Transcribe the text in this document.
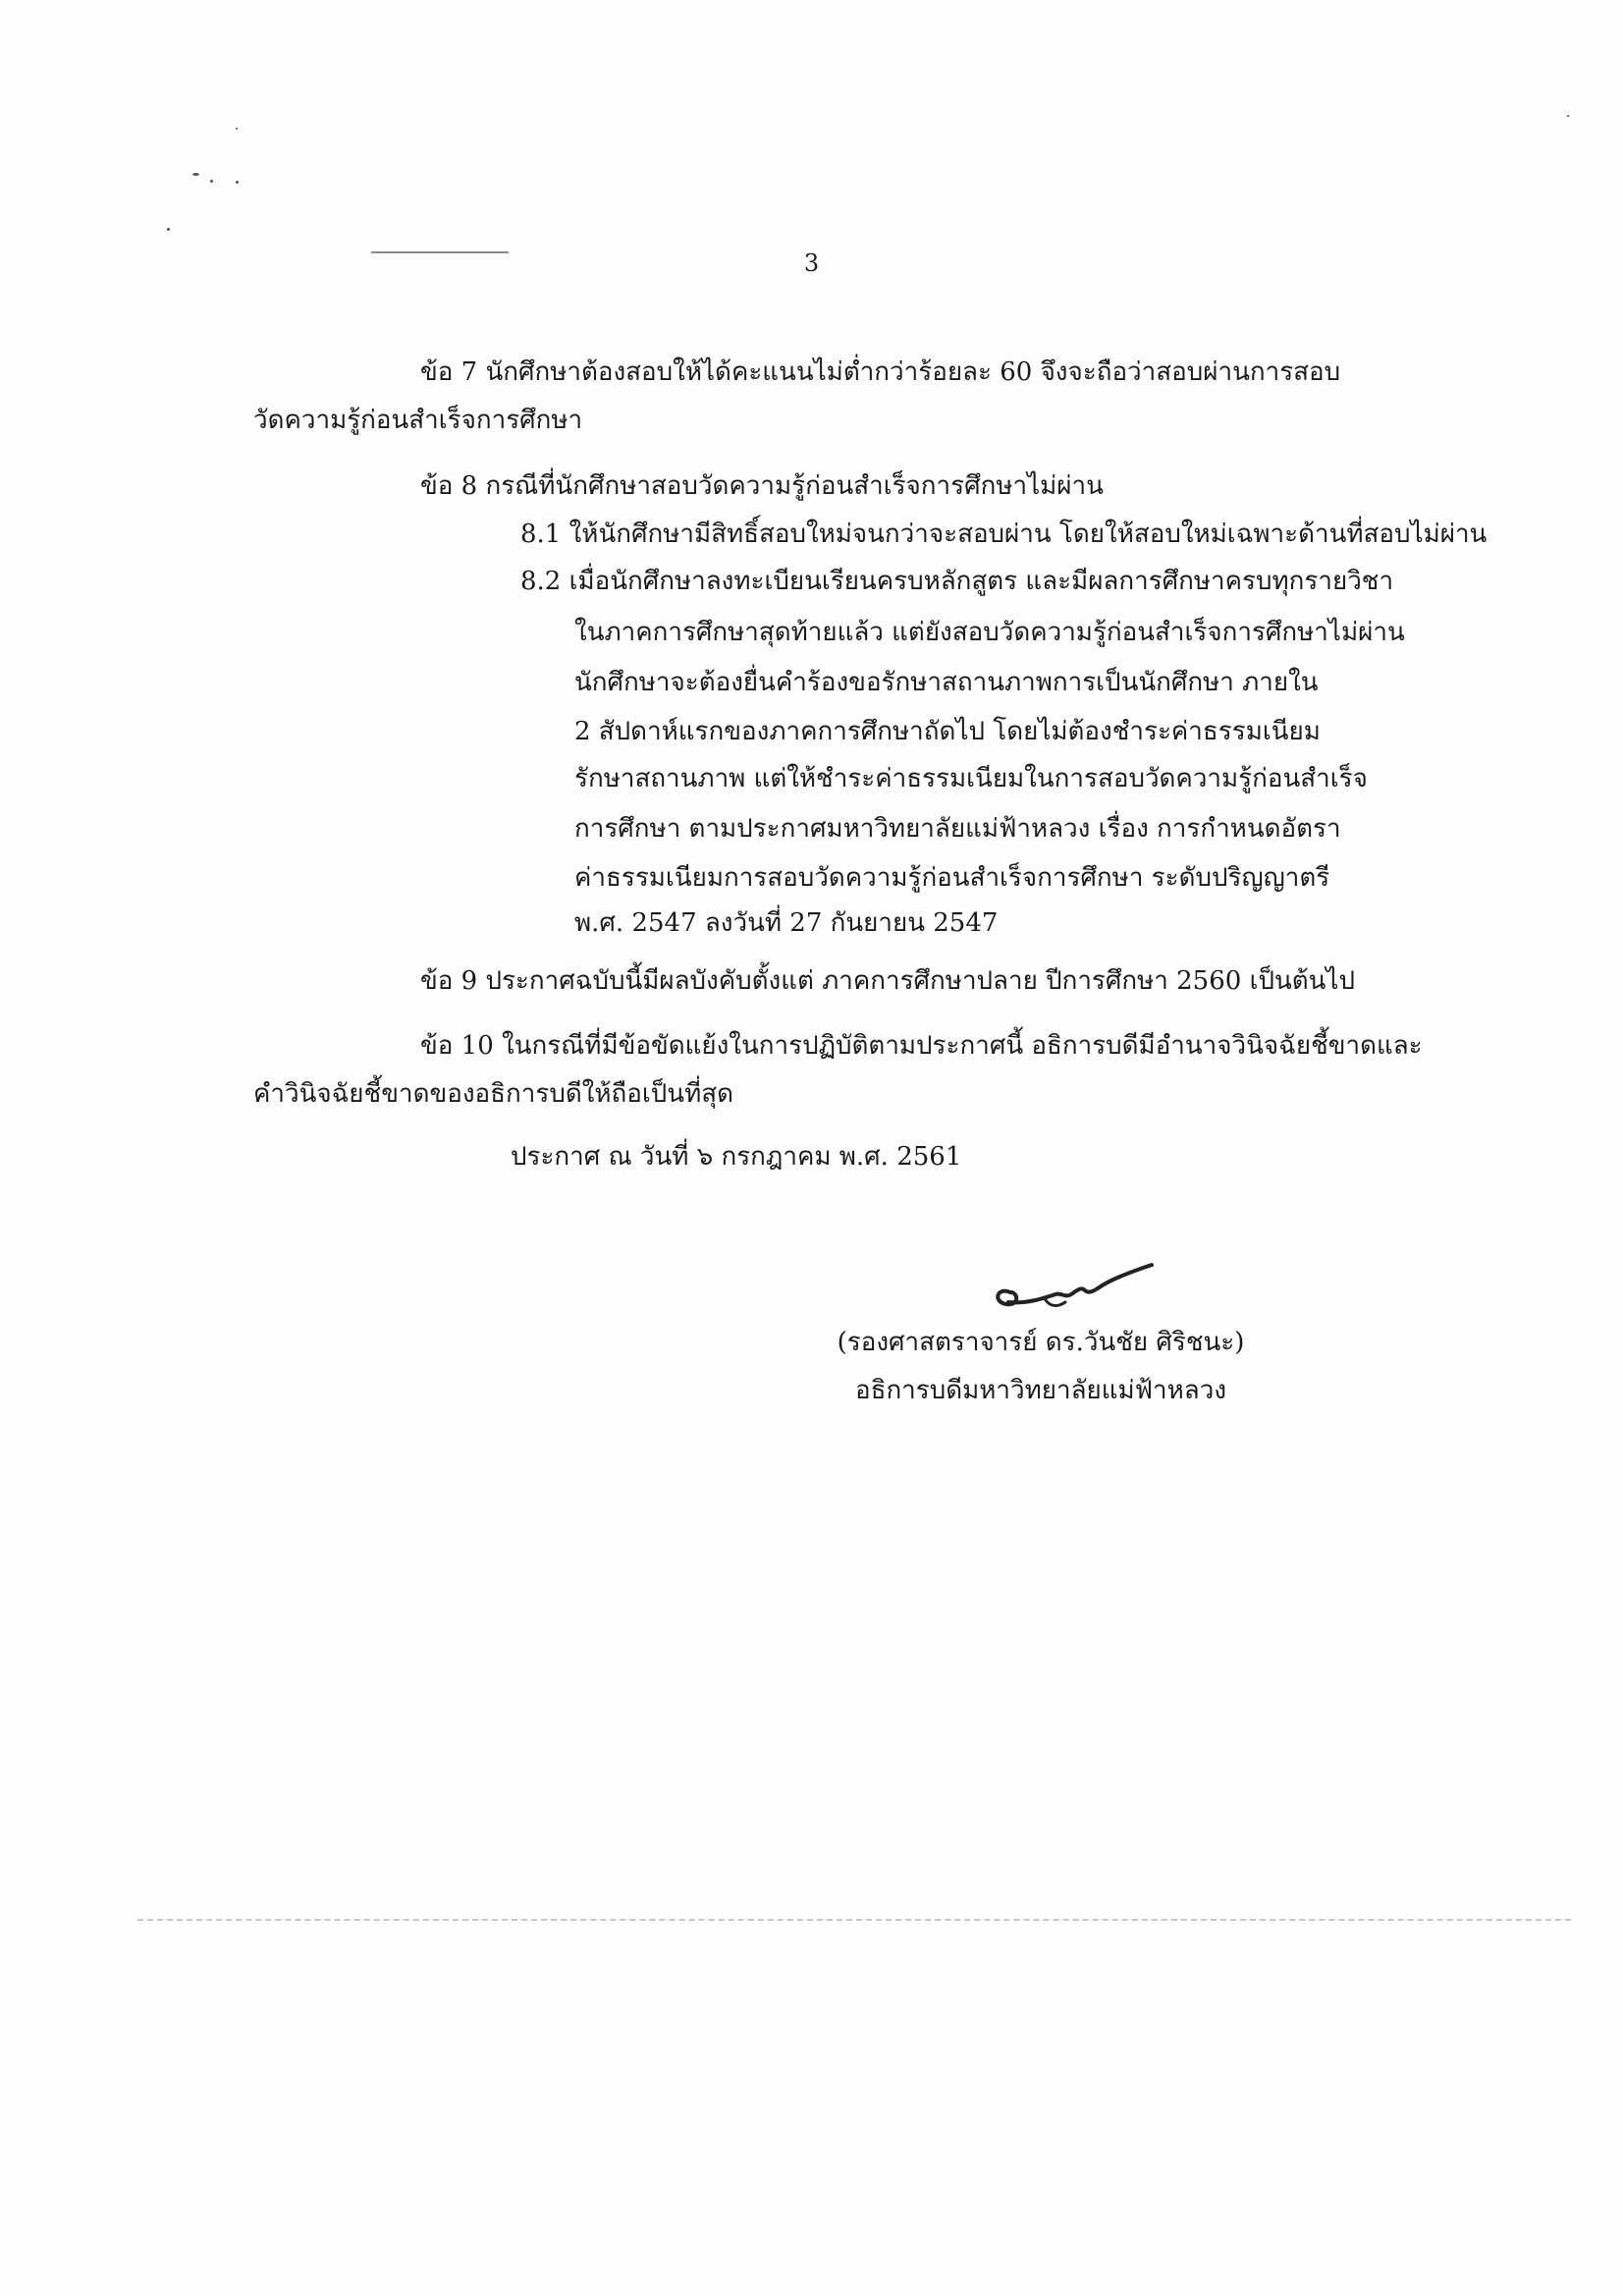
3
ข้อ 7 นักศึกษาต้องสอบให้ได้คะแนนไม่ต่ำกว่าร้อยละ 60 จึงจะถือว่าสอบผ่านการสอบ
วัดความรู้ก่อนสำเร็จการศึกษา
ข้อ 8 กรณีที่นักศึกษาสอบวัดความรู้ก่อนสำเร็จการศึกษาไม่ผ่าน
8.1 ให้นักศึกษามีสิทธิ์สอบใหม่จนกว่าจะสอบผ่าน โดยให้สอบใหม่เฉพาะด้านที่สอบไม่ผ่าน
8.2 เมื่อนักศึกษาลงทะเบียนเรียนครบหลักสูตร และมีผลการศึกษาครบทุกรายวิชา
ในภาคการศึกษาสุดท้ายแล้ว แต่ยังสอบวัดความรู้ก่อนสำเร็จการศึกษาไม่ผ่าน
นักศึกษาจะต้องยื่นคำร้องขอรักษาสถานภาพการเป็นนักศึกษา ภายใน
2 สัปดาห์แรกของภาคการศึกษาถัดไป โดยไม่ต้องชำระค่าธรรมเนียม
รักษาสถานภาพ แต่ให้ชำระค่าธรรมเนียมในการสอบวัดความรู้ก่อนสำเร็จ
การศึกษา ตามประกาศมหาวิทยาลัยแม่ฟ้าหลวง เรื่อง การกำหนดอัตรา
ค่าธรรมเนียมการสอบวัดความรู้ก่อนสำเร็จการศึกษา ระดับปริญญาตรี
พ.ศ. 2547 ลงวันที่ 27 กันยายน 2547
ข้อ 9 ประกาศฉบับนี้มีผลบังคับตั้งแต่ ภาคการศึกษาปลาย ปีการศึกษา 2560 เป็นต้นไป
ข้อ 10 ในกรณีที่มีข้อขัดแย้งในการปฏิบัติตามประกาศนี้ อธิการบดีมีอำนาจวินิจฉัยชี้ขาดและ
คำวินิจฉัยชี้ขาดของอธิการบดีให้ถือเป็นที่สุด
ประกาศ ณ วันที่ ๖ กรกฎาคม พ.ศ. 2561
(รองศาสตราจารย์ ดร.วันชัย ศิริชนะ)
อธิการบดีมหาวิทยาลัยแม่ฟ้าหลวง
